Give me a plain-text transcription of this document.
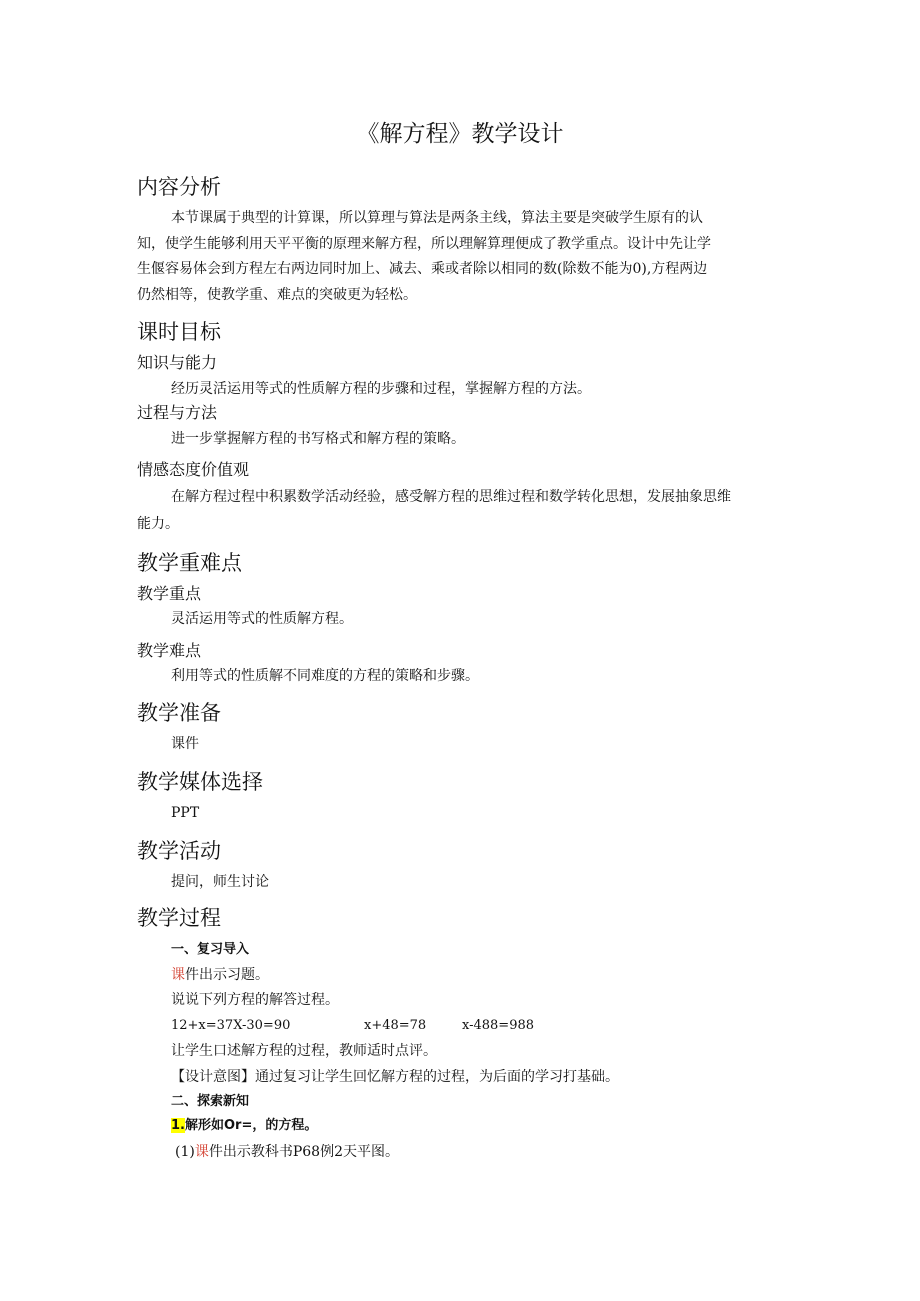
《解方程》教学设计
内容分析
本节课属于典型的计算课，所以算理与算法是两条主线，算法主要是突破学生原有的认
知，使学生能够利用天平平衡的原理来解方程，所以理解算理便成了教学重点。设计中先让学
生偃容易体会到方程左右两边同时加上、减去、乘或者除以相同的数(除数不能为0),方程两边
仍然相等，使教学重、难点的突破更为轻松。
课时目标
知识与能力
经历灵活运用等式的性质解方程的步骤和过程，掌握解方程的方法。
过程与方法
进一步掌握解方程的书写格式和解方程的策略。
情感态度价值观
在解方程过程中积累数学活动经验，感受解方程的思维过程和数学转化思想，发展抽象思维
能力。
教学重难点
教学重点
灵活运用等式的性质解方程。
教学难点
利用等式的性质解不同难度的方程的策略和步骤。
教学准备
课件
教学媒体选择
PPT
教学活动
提问，师生讨论
教学过程
一、复习导入
课件出示习题。
说说下列方程的解答过程。
12+x=37X-30=90	x+48=78	x-488=988
让学生口述解方程的过程，教师适时点评。
【设计意图】通过复习让学生回忆解方程的过程，为后面的学习打基础。
二、探索新知
1.解形如Or=，的方程。
(1)课件出示教科书P68例2天平图。
